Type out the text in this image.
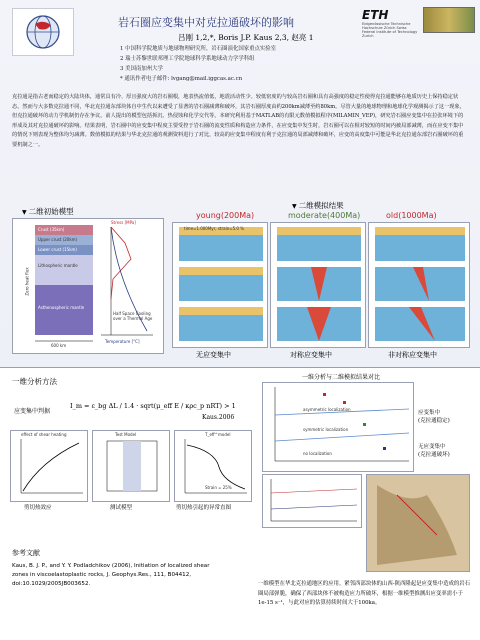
ETH
Eidgenössische Technische Hochschule Zürich Swiss Federal Institute of Technology Zurich
岩石圈应变集中对克拉通破坏的影响
吕刚 1,2,*, Boris J.P. Kaus 2,3, 赵亮 1
1 中国科学院地质与地球物理研究所，岩石圈演化国家重点实验室
2 瑞士苏黎世联邦理工学院地球科学系地球动力学学科组
3 美国南加州大学
* 通讯作者电子邮件: lvgang@mail.iggcas.ac.cn
克拉通是指古老而稳定的大陆块体，通常具有冷、厚且强度大的岩石圈根，地表热流值低，地震活动性少。较低密度的与较高岩石圈和具有高强度的稳定性使得克拉通能够在地质历史上保持稳定状态。然而与大多数克拉通不同，华北克拉通东部块体自中生代以来遭受了显著的岩石圈减薄和破坏，其岩石圈厚度由约200km减薄至约80km。尽管大量的地球物理和地球化学观测揭示了这一现象，但克拉通破坏的动力学机制仍存在争议。前人提出的模型包括拆沉、热侵蚀和化学交代等。本研究利用基于MATLAB的有限元数值模拟程序(MILAMIN_VEP)，研究岩石圈应变集中在拉张环境下的形成及其对克拉通破坏的影响。结果表明，岩石圈中的应变集中程度主要受控于岩石圈的流变性质和构造应力条件，在应变集中发生时，岩石圈可以在相对较短的时间内被局部减薄，而在应变不集中的情况下则表现为整体均匀减薄。数值模拟的结果与华北克拉通的观测资料进行了对比，较高的应变集中程度有利于克拉通的局部减薄和破坏，应变的高度集中可能是华北克拉通东部岩石圈破坏的重要机制之一。
▼ 二维初始模型
Crust (35km)
Upper crust (20km)
Lower crust (15km)
Lithospheric mantle
Asthenospheric mantle
600 km
Zero heat flux
Stress [MPa]
Temperature [°C]
Half Space Cooling over a Thermal Age
▼ 二维模拟结果
young(200Ma)	moderate(400Ma)	old(1000Ma)
time=1.000Myr, strain=5.0 %
无应变集中	对称应变集中	非对称应变集中
一维分析方法
应变集中判据
I_m = ε_bg ΔL / 1.4 · sqrt(μ_eff E / κρc_p nRT) > 1
Kaus.2006
effect of shear heating	Test Model	T_eff^model
Strain = 25%
剪切热效应	测试模型	剪切热引起的异常直图
一维分析与二维模拟结果对比
asymmetric localization
symmetric localization
no localization
应变集中
(克拉通稳定)
无应变集中
(克拉通破坏)
参考文献
Kaus, B. J. P., and Y. Y. Podladchikov (2006), Initiation of localized shear zones in viscoelastoplastic rocks, J. Geophys.Res., 111, B04412, doi:10.1029/2005JB003652.	一维模型在华北克拉通地区的应用。紧邻西部块体的山西-陕西隆起是应变集中造成的岩石圈局部弹脆，确保了西部块体不被构造应力所破坏，根据一维模型推测出应变率需小于 1e-15 s⁻¹，与此对应的估算持续时间大于100ka。
